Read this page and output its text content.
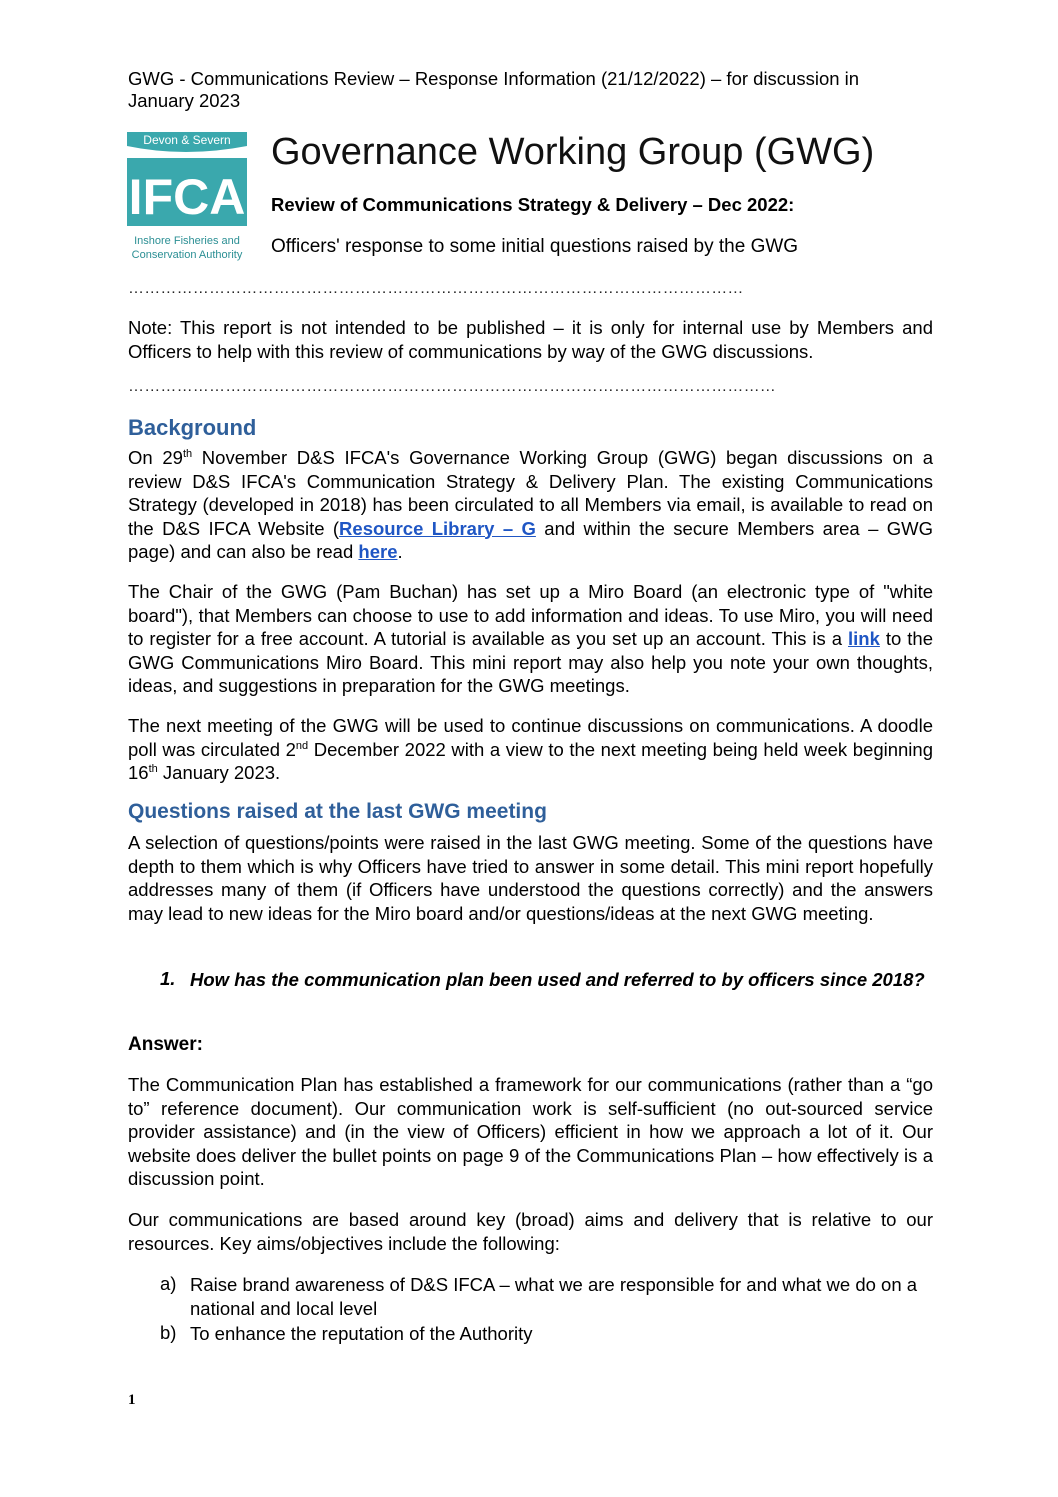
GWG - Communications Review – Response Information (21/12/2022) – for discussion in January 2023
Devon & Severn
IFCA
Inshore Fisheries and
Conservation Authority
Governance Working Group (GWG)
Review of Communications Strategy & Delivery – Dec 2022:
Officers' response to some initial questions raised by the GWG
……………………………………………………………………………………………………
Note: This report is not intended to be published – it is only for internal use by Members and Officers to help with this review of communications by way of the GWG discussions.
…………………………………………………………………………………………………………
Background
On 29th November D&S IFCA's Governance Working Group (GWG) began discussions on a review D&S IFCA's Communication Strategy & Delivery Plan. The existing Communications Strategy (developed in 2018) has been circulated to all Members via email, is available to read on the D&S IFCA Website (Resource Library – G and within the secure Members area – GWG page) and can also be read here.
The Chair of the GWG (Pam Buchan) has set up a Miro Board (an electronic type of "white board"), that Members can choose to use to add information and ideas. To use Miro, you will need to register for a free account. A tutorial is available as you set up an account. This is a link to the GWG Communications Miro Board. This mini report may also help you note your own thoughts, ideas, and suggestions in preparation for the GWG meetings.
The next meeting of the GWG will be used to continue discussions on communications. A doodle poll was circulated 2nd December 2022 with a view to the next meeting being held week beginning 16th January 2023.
Questions raised at the last GWG meeting
A selection of questions/points were raised in the last GWG meeting. Some of the questions have depth to them which is why Officers have tried to answer in some detail. This mini report hopefully addresses many of them (if Officers have understood the questions correctly) and the answers may lead to new ideas for the Miro board and/or questions/ideas at the next GWG meeting.
1. How has the communication plan been used and referred to by officers since 2018?
Answer:
The Communication Plan has established a framework for our communications (rather than a “go to” reference document). Our communication work is self-sufficient (no out-sourced service provider assistance) and (in the view of Officers) efficient in how we approach a lot of it. Our website does deliver the bullet points on page 9 of the Communications Plan – how effectively is a discussion point.
Our communications are based around key (broad) aims and delivery that is relative to our resources. Key aims/objectives include the following:
a) Raise brand awareness of D&S IFCA – what we are responsible for and what we do on a national and local level
b) To enhance the reputation of the Authority
1
